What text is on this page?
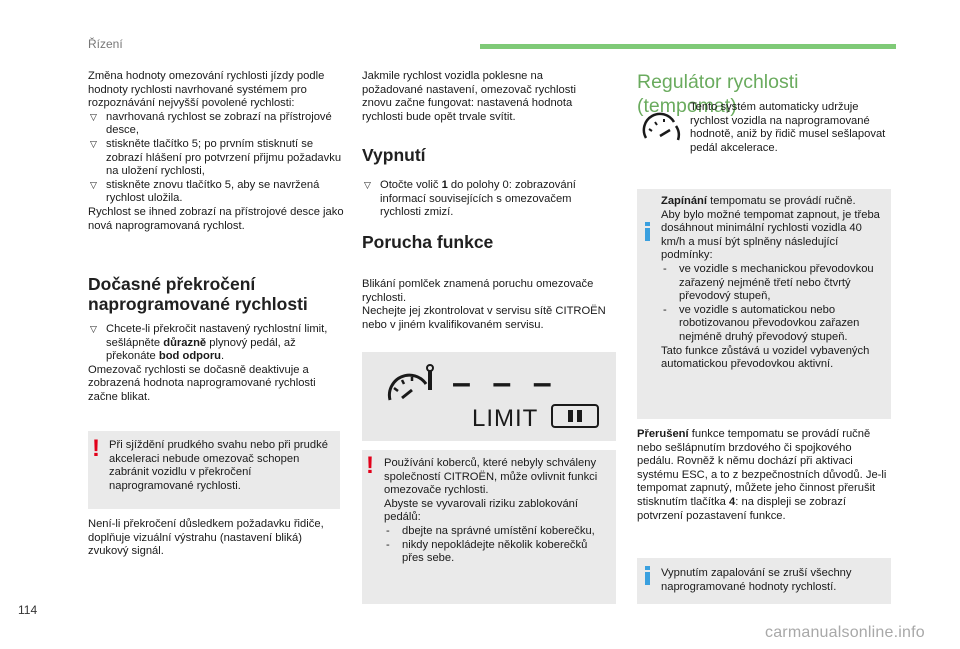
Řízení

Změna hodnoty omezování rychlosti jízdy podle hodnoty rychlosti navrhované systémem pro rozpoznávání nejvyšší povolené rychlosti:

▽ navrhovaná rychlost se zobrazí na přístrojové desce,
▽ stiskněte tlačítko 5; po prvním stisknutí se zobrazí hlášení pro potvrzení přijmu požadavku na uložení rychlosti,
▽ stiskněte znovu tlačítko 5, aby se navržená rychlost uložila.

Rychlost se ihned zobrazí na přístrojové desce jako nová naprogramovaná rychlost.

Dočasné překročení

naprogramované rychlosti

▽ Chcete-li překročit nastavený rychlostní limit, sešlápněte důrazně plynový pedál, až překonáte bod odporu.

Omezovač rychlosti se dočasně deaktivuje a zobrazená hodnota naprogramované rychlosti začne blikat.

! Při sjíždění prudkého svahu nebo při prudké akceleraci nebude omezovač schopen zabránit vozidlu v překročení naprogramované rychlosti.
Není-li překročení důsledkem požadavku řidiče, doplňuje vizuální výstrahu (nastavení bliká) zvukový signál.
Jakmile rychlost vozidla poklesne na požadované nastavení, omezovač rychlosti znovu začne fungovat: nastavená hodnota rychlosti bude opět trvale svítit.

Vypnutí

▽ Otočte volič 1 do polohy 0: zobrazování informací souvisejících s omezovačem rychlosti zmizí.

Porucha funkce

Blikání pomlček znamená poruchu omezovače rychlosti.

Nechejte jej zkontrolovat v servisu sítě CITROËN nebo v jiném kvalifikovaném servisu.

– – –
LIMIT
! Používání koberců, které nebyly schváleny společností CITROËN, může ovlivnit funkci omezovače rychlosti.

Abyste se vyvarovali riziku zablokování pedálů:

- dbejte na správné umístění koberečku,
- nikdy nepokládejte několik koberečků přes sebe.
Regulátor rychlosti (tempomat)
Tento systém automaticky udržuje rychlost vozidla na naprogramované hodnotě, aniž by řidič musel sešlapovat pedál akcelerace.

Zapínání tempomatu se provádí ručně.

Aby bylo možné tempomat zapnout, je třeba dosáhnout minimální rychlosti vozidla 40 km/h a musí být splněny následující podmínky:

- ve vozidle s mechanickou převodovkou zařazený nejméně třetí nebo čtvrtý převodový stupeň,
- ve vozidle s automatickou nebo robotizovanou převodovkou zařazen nejméně druhý převodový stupeň.

Tato funkce zůstává u vozidel vybavených automatickou převodovkou aktivní.

Přerušení funkce tempomatu se provádí ručně nebo sešlápnutím brzdového či spojkového pedálu. Rovněž k němu dochází při aktivaci systému ESC, a to z bezpečnostních důvodů. Je-li tempomat zapnutý, můžete jeho činnost přerušit stisknutím tlačítka 4: na displeji se zobrazí potvrzení pozastavení funkce.
Vypnutím zapalování se zruší všechny naprogramované hodnoty rychlostí.
114
carmanualsonline.info
